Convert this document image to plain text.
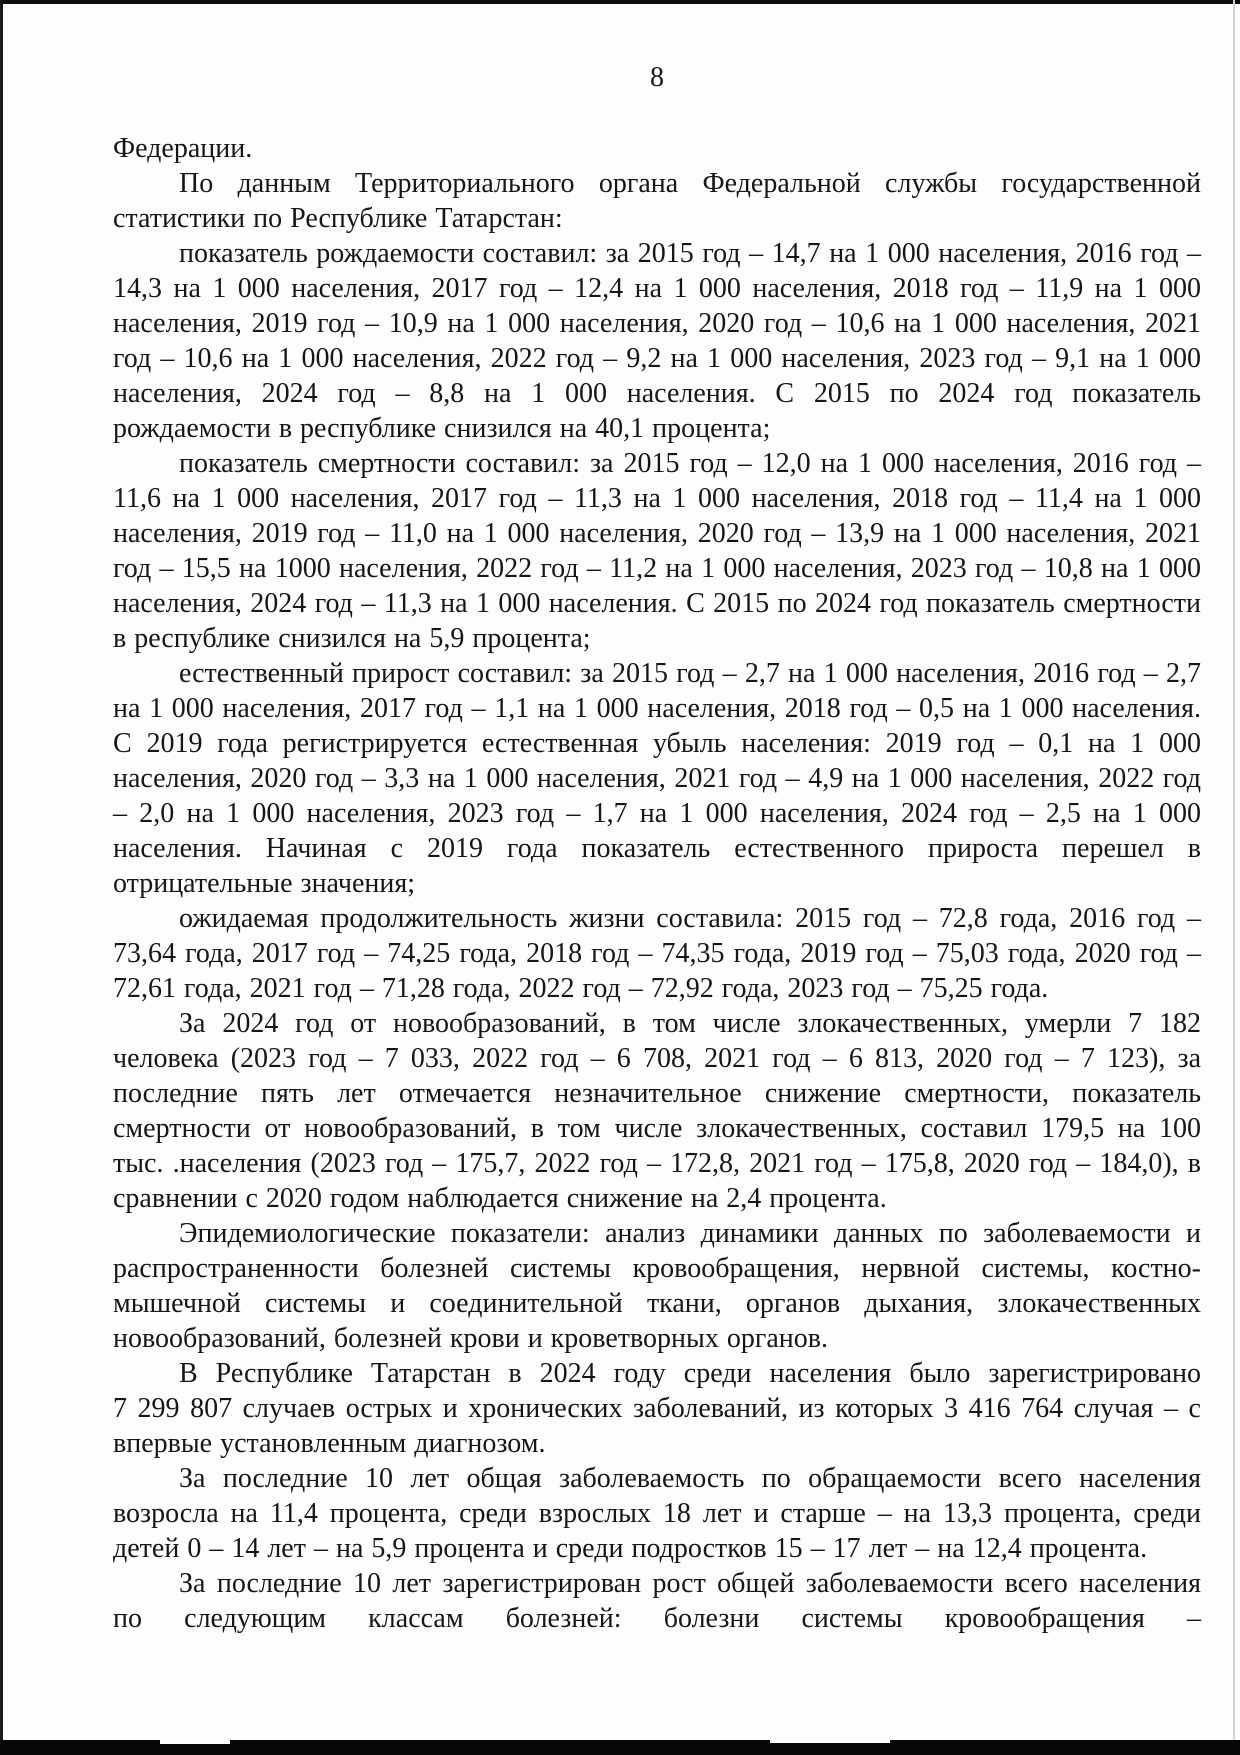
8

Федерации.

По данным Территориального органа Федеральной службы государственной статистики по Республике Татарстан:

показатель рождаемости составил: за 2015 год – 14,7 на 1 000 населения, 2016 год – 14,3 на 1 000 населения, 2017 год – 12,4 на 1 000 населения, 2018 год – 11,9 на 1 000 населения, 2019 год – 10,9 на 1 000 населения, 2020 год – 10,6 на 1 000 населения, 2021 год – 10,6 на 1 000 населения, 2022 год – 9,2 на 1 000 населения, 2023 год – 9,1 на 1 000 населения, 2024 год – 8,8 на 1 000 населения. С 2015 по 2024 год показатель рождаемости в республике снизился на 40,1 процента;

показатель смертности составил: за 2015 год – 12,0 на 1 000 населения, 2016 год – 11,6 на 1 000 населения, 2017 год – 11,3 на 1 000 населения, 2018 год – 11,4 на 1 000 населения, 2019 год – 11,0 на 1 000 населения, 2020 год – 13,9 на 1 000 населения, 2021 год – 15,5 на 1000 населения, 2022 год – 11,2 на 1 000 населения, 2023 год – 10,8 на 1 000 населения, 2024 год – 11,3 на 1 000 населения. С 2015 по 2024 год показатель смертности в республике снизился на 5,9 процента;

естественный прирост составил: за 2015 год – 2,7 на 1 000 населения, 2016 год – 2,7 на 1 000 населения, 2017 год – 1,1 на 1 000 населения, 2018 год – 0,5 на 1 000 населения. С 2019 года регистрируется естественная убыль населения: 2019 год – 0,1 на 1 000 населения, 2020 год – 3,3 на 1 000 населения, 2021 год – 4,9 на 1 000 населения, 2022 год – 2,0 на 1 000 населения, 2023 год – 1,7 на 1 000 населения, 2024 год – 2,5 на 1 000 населения. Начиная с 2019 года показатель естественного прироста перешел в отрицательные значения;

ожидаемая продолжительность жизни составила: 2015 год – 72,8 года, 2016 год – 73,64 года, 2017 год – 74,25 года, 2018 год – 74,35 года, 2019 год – 75,03 года, 2020 год – 72,61 года, 2021 год – 71,28 года, 2022 год – 72,92 года, 2023 год – 75,25 года.

За 2024 год от новообразований, в том числе злокачественных, умерли 7 182 человека (2023 год – 7 033, 2022 год – 6 708, 2021 год – 6 813, 2020 год – 7 123), за последние пять лет отмечается незначительное снижение смертности, показатель смертности от новообразований, в том числе злокачественных, составил 179,5 на 100 тыс. .населения (2023 год – 175,7, 2022 год – 172,8, 2021 год – 175,8, 2020 год – 184,0), в сравнении с 2020 годом наблюдается снижение на 2,4 процента.

Эпидемиологические показатели: анализ динамики данных по заболеваемости и распространенности болезней системы кровообращения, нервной системы, костно-мышечной системы и соединительной ткани, органов дыхания, злокачественных новообразований, болезней крови и кроветворных органов.

В Республике Татарстан в 2024 году среди населения было зарегистрировано 7 299 807 случаев острых и хронических заболеваний, из которых 3 416 764 случая – с впервые установленным диагнозом.

За последние 10 лет общая заболеваемость по обращаемости всего населения возросла на 11,4 процента, среди взрослых 18 лет и старше – на 13,3 процента, среди детей 0 – 14 лет – на 5,9 процента и среди подростков 15 – 17 лет – на 12,4 процента.

За последние 10 лет зарегистрирован рост общей заболеваемости всего населения по следующим классам болезней: болезни системы кровообращения –
